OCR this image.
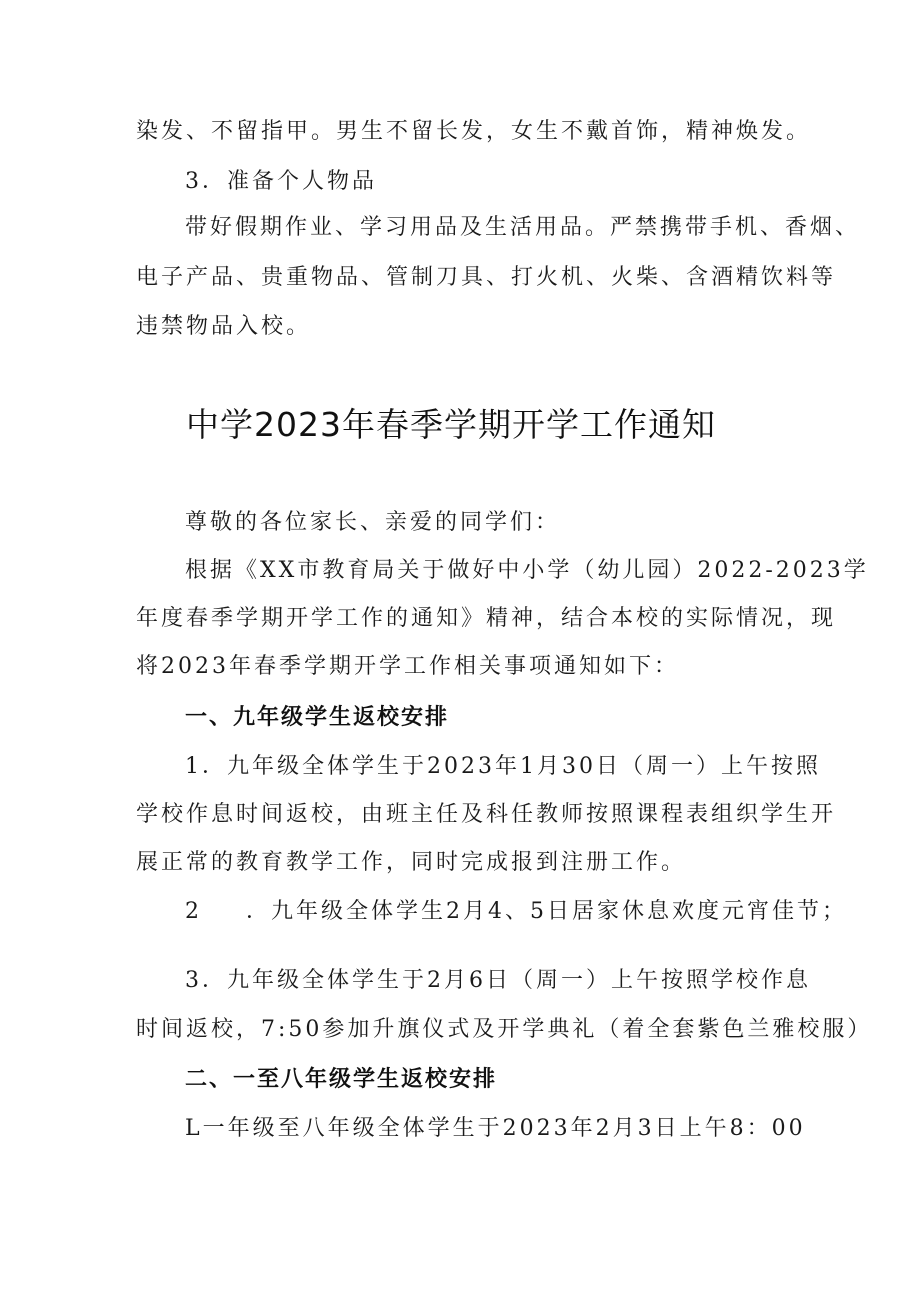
染发、不留指甲。男生不留长发，女生不戴首饰，精神焕发。
3．准备个人物品
带好假期作业、学习用品及生活用品。严禁携带手机、香烟、
电子产品、贵重物品、管制刀具、打火机、火柴、含酒精饮料等
违禁物品入校。
中学2023年春季学期开学工作通知
尊敬的各位家长、亲爱的同学们：
根据《XX市教育局关于做好中小学（幼儿园）2022-2023学
年度春季学期开学工作的通知》精神，结合本校的实际情况，现
将2023年春季学期开学工作相关事项通知如下：
一、九年级学生返校安排
1．九年级全体学生于2023年1月30日（周一）上午按照
学校作息时间返校，由班主任及科任教师按照课程表组织学生开
展正常的教育教学工作，同时完成报到注册工作。
2 ．九年级全体学生2月4、5日居家休息欢度元宵佳节；
3．九年级全体学生于2月6日（周一）上午按照学校作息
时间返校，7:50参加升旗仪式及开学典礼（着全套紫色兰雅校服）
二、一至八年级学生返校安排
L一年级至八年级全体学生于2023年2月3日上午8：00
